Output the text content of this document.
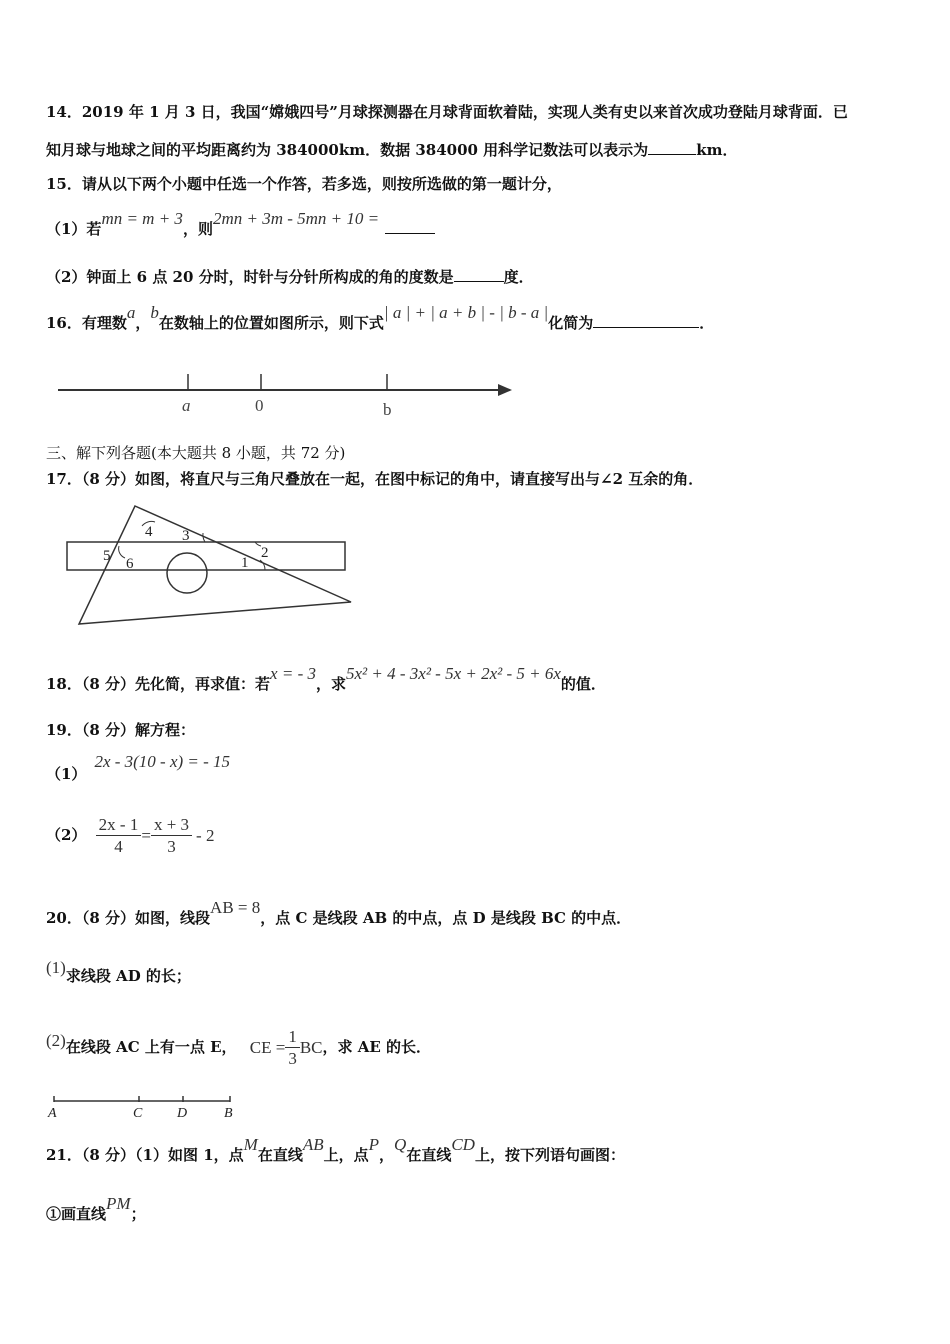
14．2019 年 1 月 3 日，我国“嫦娥四号”月球探测器在月球背面软着陆，实现人类有史以来首次成功登陆月球背面．已
知月球与地球之间的平均距离约为 384000km．数据 384000 用科学记数法可以表示为	km．
15．请从以下两个小题中任选一个作答，若多选，则按所选做的第一题计分，
（1）若mn = m + 3，则2mn + 3m - 5mn + 10 =
（2）钟面上 6 点 20 分时，时针与分针所构成的角的度数是	度．
16．有理数a，b在数轴上的位置如图所示，则下式| a | + | a + b | - | b - a |化简为	．
a	0	b
三、解下列各题(本大题共 8 小题，共 72 分)
17．（8 分）如图，将直尺与三角尺叠放在一起，在图中标记的角中，请直接写出与∠2 互余的角．
1
2
3
4
5 6
18．（8 分）先化简，再求值：若x = - 3，求5x² + 4 - 3x² - 5x + 2x² - 5 + 6x的值．
19．（8 分）解方程：
（1）2x - 3(10 - x) = - 15
$(2) \frac{2x - 1}{4} = \frac{x + 3}{3} - 2$
20．（8 分）如图，线段AB = 8，点 C 是线段 AB 的中点，点 D 是线段 BC 的中点．
(1)求线段 AD 的长；
(2)在线段 AC 上有一点 E， CE = $\frac{1}{3}$ BC，求 AE 的长．
A	C D	B
21．（8 分）（1）如图 1，点M在直线AB上，点P，Q在直线CD上，按下列语句画图：
①画直线PM；
